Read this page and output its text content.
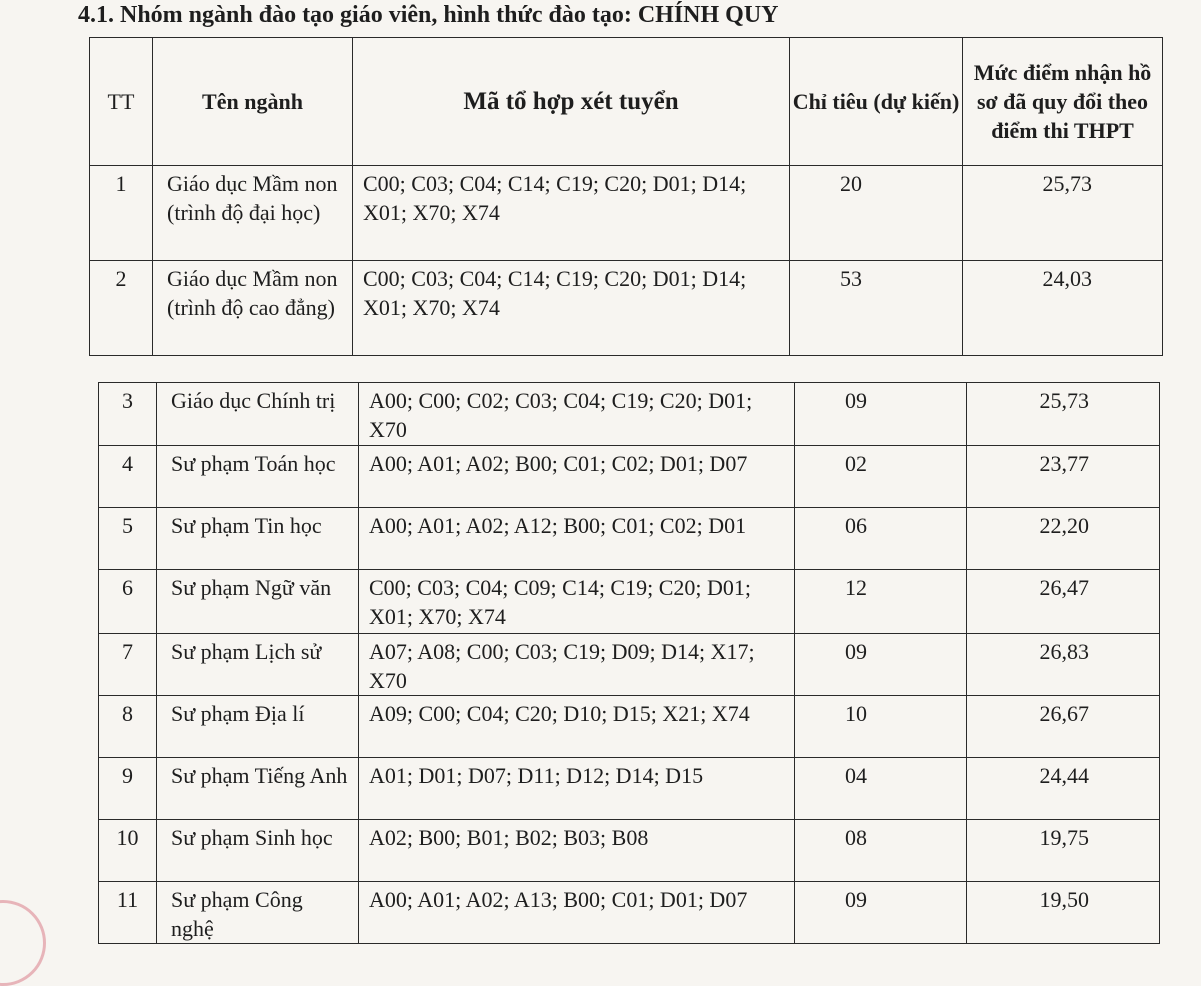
4.1. Nhóm ngành đào tạo giáo viên, hình thức đào tạo: CHÍNH QUY
TT	Tên ngành	Mã tổ hợp xét tuyển	Chỉ tiêu (dự kiến)	Mức điểm nhận hồ sơ đã quy đổi theo điểm thi THPT
1	Giáo dục Mầm non (trình độ đại học)	C00; C03; C04; C14; C19; C20; D01; D14; X01; X70; X74	20	25,73
2	Giáo dục Mầm non (trình độ cao đẳng)	C00; C03; C04; C14; C19; C20; D01; D14; X01; X70; X74	53	24,03
3	Giáo dục Chính trị	A00; C00; C02; C03; C04; C19; C20; D01; X70	09	25,73
4	Sư phạm Toán học	A00; A01; A02; B00; C01; C02; D01; D07	02	23,77
5	Sư phạm Tin học	A00; A01; A02; A12; B00; C01; C02; D01	06	22,20
6	Sư phạm Ngữ văn	C00; C03; C04; C09; C14; C19; C20; D01; X01; X70; X74	12	26,47
7	Sư phạm Lịch sử	A07; A08; C00; C03; C19; D09; D14; X17; X70	09	26,83
8	Sư phạm Địa lí	A09; C00; C04; C20; D10; D15; X21; X74	10	26,67
9	Sư phạm Tiếng Anh	A01; D01; D07; D11; D12; D14; D15	04	24,44
10	Sư phạm Sinh học	A02; B00; B01; B02; B03; B08	08	19,75
11	Sư phạm Công nghệ	A00; A01; A02; A13; B00; C01; D01; D07	09	19,50
